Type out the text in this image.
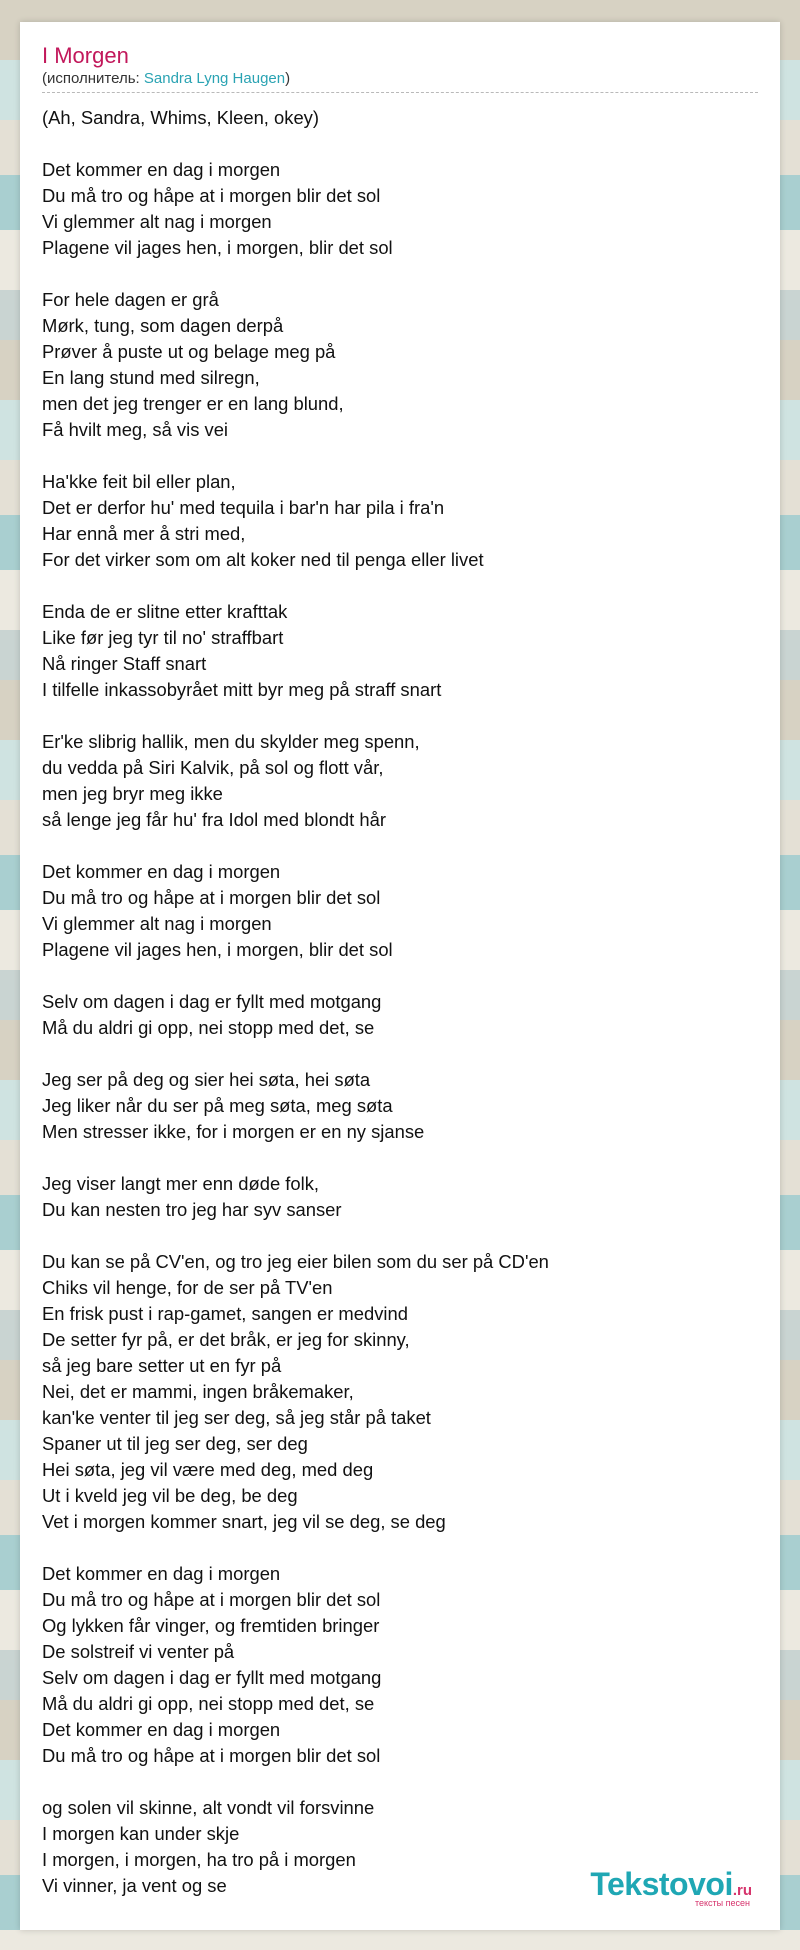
I Morgen
(исполнитель: Sandra Lyng Haugen)
(Ah, Sandra, Whims, Kleen, okey)
Det kommer en dag i morgen
Du må tro og håpe at i morgen blir det sol
Vi glemmer alt nag i morgen
Plagene vil jages hen, i morgen, blir det sol
For hele dagen er grå
Mørk, tung, som dagen derpå
Prøver å puste ut og belage meg på
En lang stund med silregn,
men det jeg trenger er en lang blund,
Få hvilt meg, så vis vei
Ha'kke feit bil eller plan,
Det er derfor hu' med tequila i bar'n har pila i fra'n
Har ennå mer å stri med,
For det virker som om alt koker ned til penga eller livet
Enda de er slitne etter krafttak
Like før jeg tyr til no' straffbart
Nå ringer Staff snart
I tilfelle inkassobyrået mitt byr meg på straff snart
Er'ke slibrig hallik, men du skylder meg spenn,
du vedda på Siri Kalvik, på sol og flott vår,
men jeg bryr meg ikke
så lenge jeg får hu' fra Idol med blondt hår
Det kommer en dag i morgen
Du må tro og håpe at i morgen blir det sol
Vi glemmer alt nag i morgen
Plagene vil jages hen, i morgen, blir det sol
Selv om dagen i dag er fyllt med motgang
Må du aldri gi opp, nei stopp med det, se
Jeg ser på deg og sier hei søta, hei søta
Jeg liker når du ser på meg søta, meg søta
Men stresser ikke, for i morgen er en ny sjanse
Jeg viser langt mer enn døde folk,
Du kan nesten tro jeg har syv sanser
Du kan se på CV'en, og tro jeg eier bilen som du ser på CD'en
Chiks vil henge, for de ser på TV'en
En frisk pust i rap-gamet, sangen er medvind
De setter fyr på, er det bråk, er jeg for skinny,
så jeg bare setter ut en fyr på
Nei, det er mammi, ingen bråkemaker,
kan'ke venter til jeg ser deg, så jeg står på taket
Spaner ut til jeg ser deg, ser deg
Hei søta, jeg vil være med deg, med deg
Ut i kveld jeg vil be deg, be deg
Vet i morgen kommer snart, jeg vil se deg, se deg
Det kommer en dag i morgen
Du må tro og håpe at i morgen blir det sol
Og lykken får vinger, og fremtiden bringer
De solstreif vi venter på
Selv om dagen i dag er fyllt med motgang
Må du aldri gi opp, nei stopp med det, se
Det kommer en dag i morgen
Du må tro og håpe at i morgen blir det sol
og solen vil skinne, alt vondt vil forsvinne
I morgen kan under skje
I morgen, i morgen, ha tro på i morgen
Vi vinner, ja vent og se	Tekstovoi.ru
тексты песен
